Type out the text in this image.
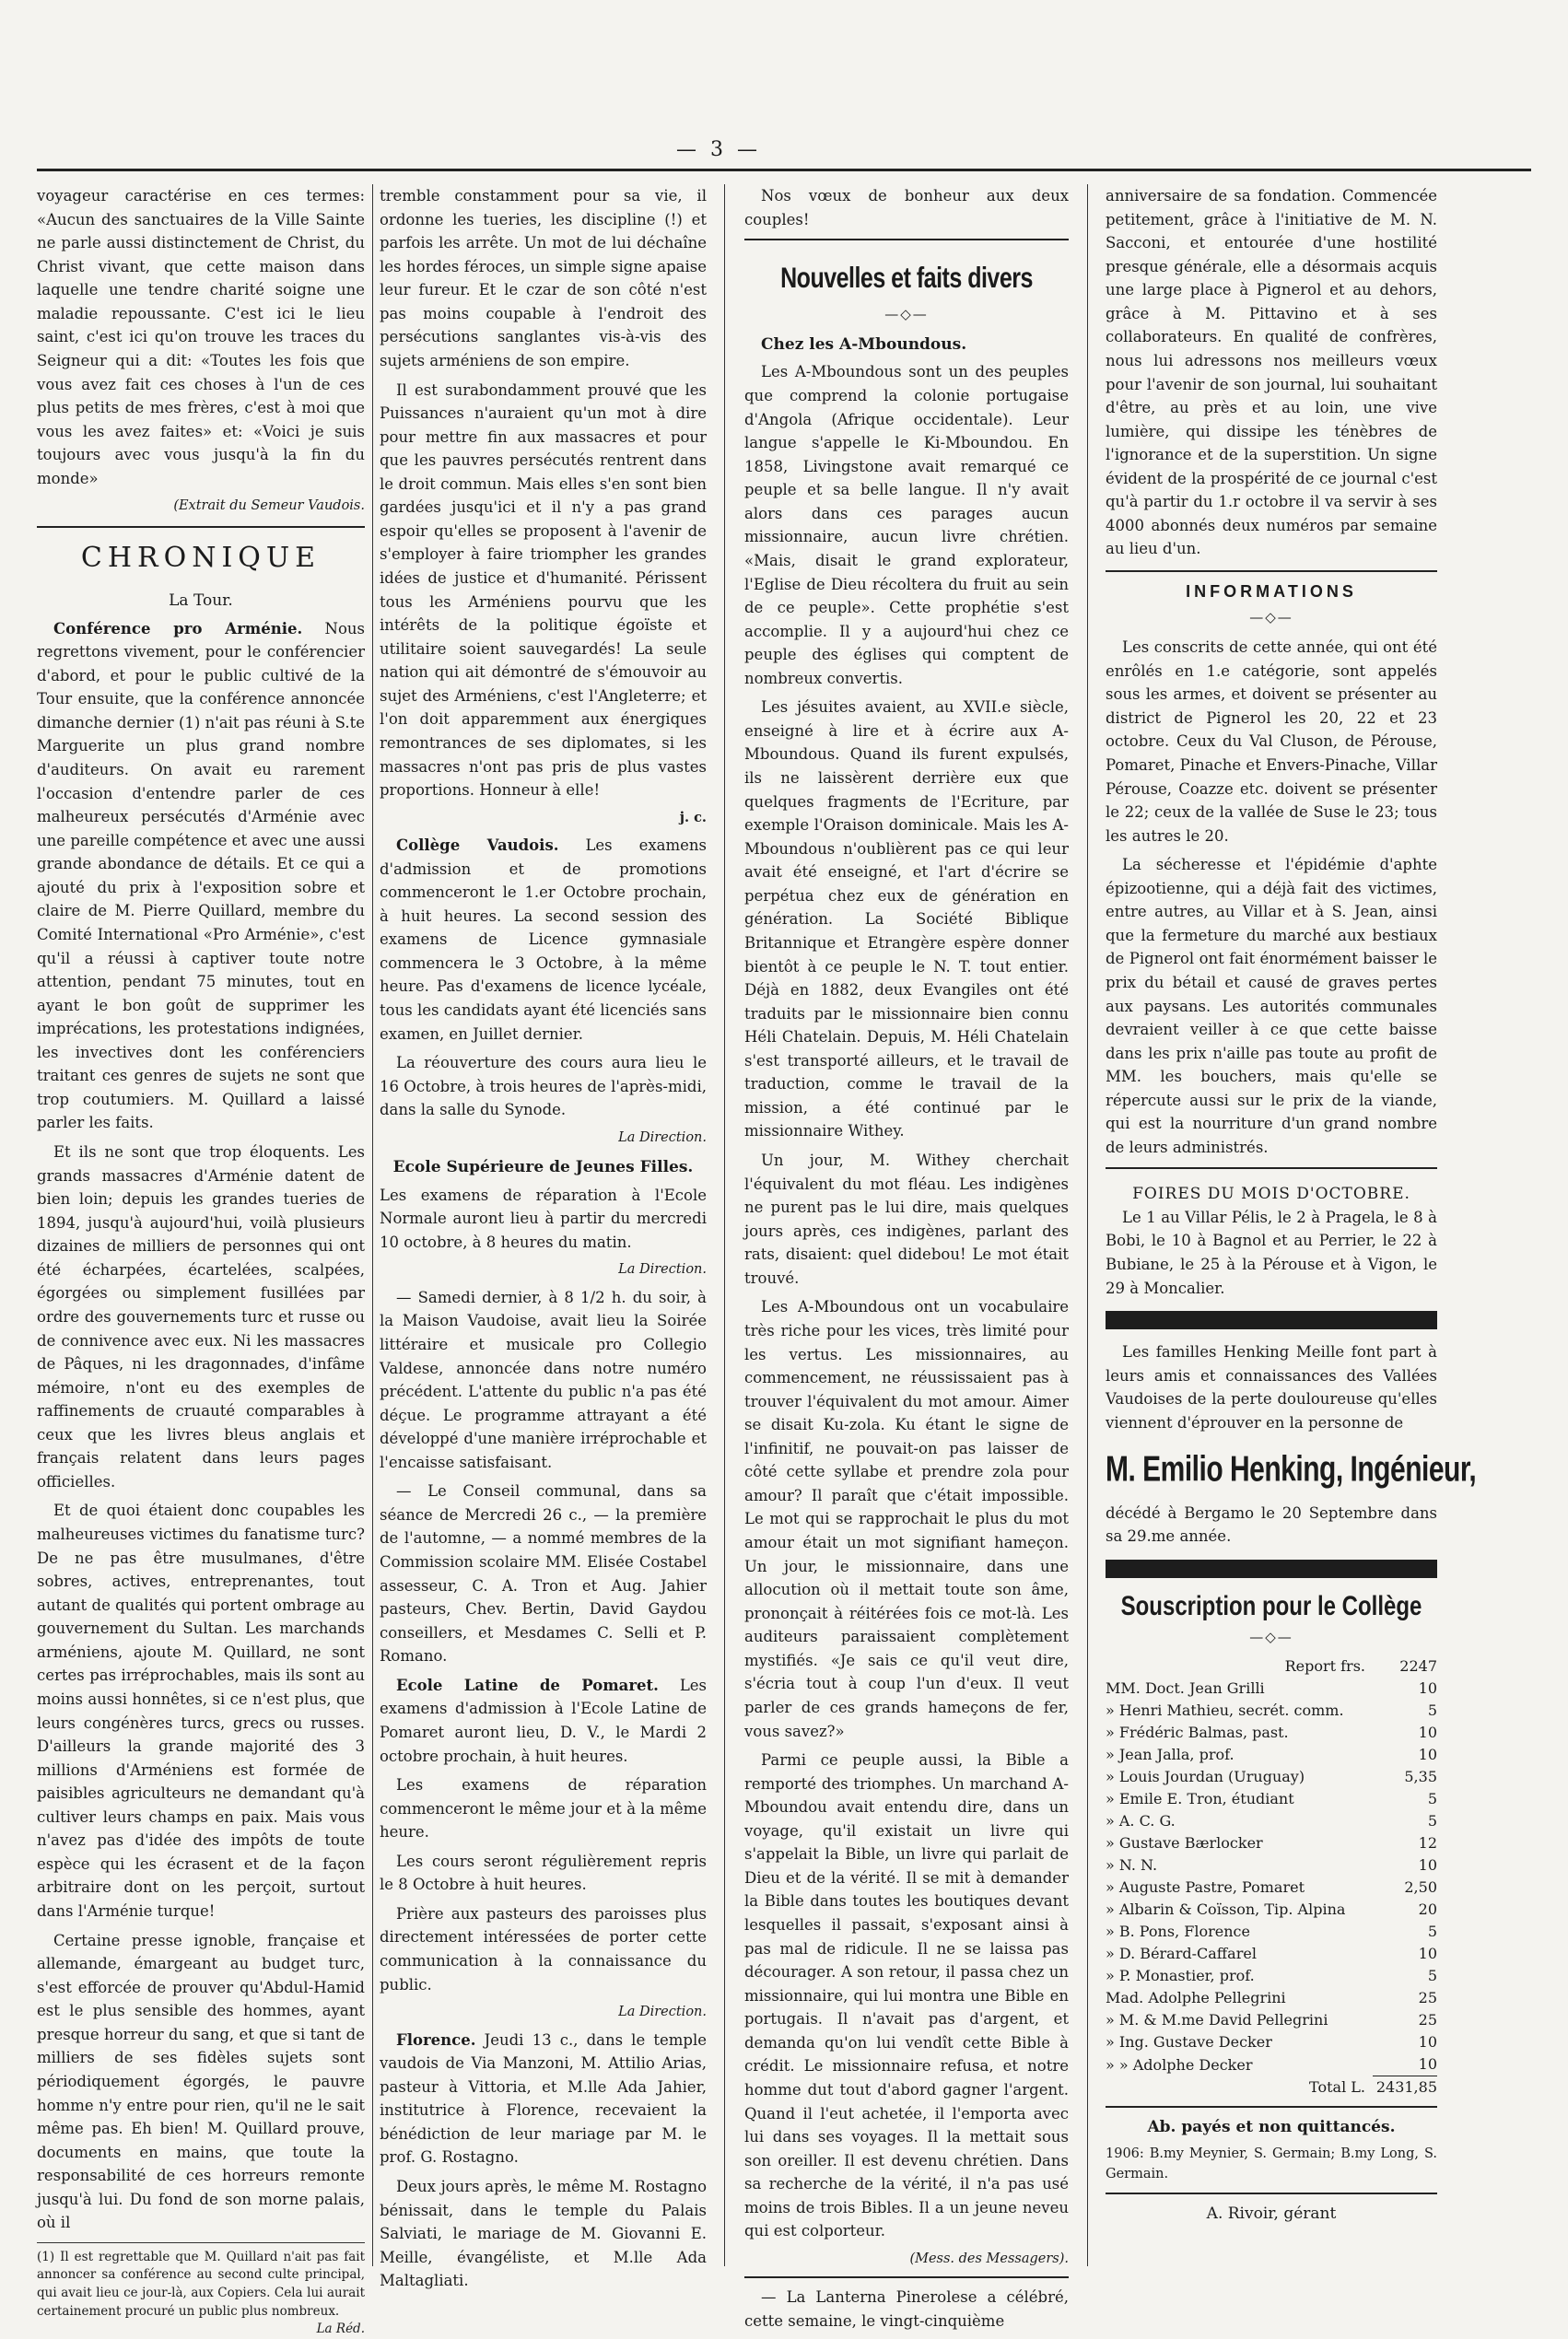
— 3 —

voyageur caractérise en ces termes: «Aucun des sanctuaires de la Ville Sainte ne parle aussi distinctement de Christ, du Christ vivant, que cette maison dans laquelle une tendre charité soigne une maladie repoussante. C'est ici le lieu saint, c'est ici qu'on trouve les traces du Seigneur qui a dit: «Toutes les fois que vous avez fait ces choses à l'un de ces plus petits de mes frères, c'est à moi que vous les avez faites» et: «Voici je suis toujours avec vous jusqu'à la fin du monde»

(Extrait du Semeur Vaudois.
CHRONIQUE
La Tour.

Conférence pro Arménie. Nous regrettons vivement, pour le conférencier d'abord, et pour le public cultivé de la Tour ensuite, que la conférence annoncée dimanche dernier (1) n'ait pas réuni à S.te Marguerite un plus grand nombre d'auditeurs. On avait eu rarement l'occasion d'entendre parler de ces malheureux persécutés d'Arménie avec une pareille compétence et avec une aussi grande abondance de détails. Et ce qui a ajouté du prix à l'exposition sobre et claire de M. Pierre Quillard, membre du Comité International «Pro Arménie», c'est qu'il a réussi à captiver toute notre attention, pendant 75 minutes, tout en ayant le bon goût de supprimer les imprécations, les protestations indignées, les invectives dont les conférenciers traitant ces genres de sujets ne sont que trop coutumiers. M. Quillard a laissé parler les faits.

Et ils ne sont que trop éloquents. Les grands massacres d'Arménie datent de bien loin; depuis les grandes tueries de 1894, jusqu'à aujourd'hui, voilà plusieurs dizaines de milliers de personnes qui ont été écharpées, écartelées, scalpées, égorgées ou simplement fusillées par ordre des gouvernements turc et russe ou de connivence avec eux. Ni les massacres de Pâques, ni les dragonnades, d'infâme mémoire, n'ont eu des exemples de raffinements de cruauté comparables à ceux que les livres bleus anglais et français relatent dans leurs pages officielles.

Et de quoi étaient donc coupables les malheureuses victimes du fanatisme turc? De ne pas être musulmanes, d'être sobres, actives, entreprenantes, tout autant de qualités qui portent ombrage au gouvernement du Sultan. Les marchands arméniens, ajoute M. Quillard, ne sont certes pas irréprochables, mais ils sont au moins aussi honnêtes, si ce n'est plus, que leurs congénères turcs, grecs ou russes. D'ailleurs la grande majorité des 3 millions d'Arméniens est formée de paisibles agriculteurs ne demandant qu'à cultiver leurs champs en paix. Mais vous n'avez pas d'idée des impôts de toute espèce qui les écrasent et de la façon arbitraire dont on les perçoit, surtout dans l'Arménie turque!

Certaine presse ignoble, française et allemande, émargeant au budget turc, s'est efforcée de prouver qu'Abdul-Hamid est le plus sensible des hommes, ayant presque horreur du sang, et que si tant de milliers de ses fidèles sujets sont périodiquement égorgés, le pauvre homme n'y entre pour rien, qu'il ne le sait même pas. Eh bien! M. Quillard prouve, documents en mains, que toute la responsabilité de ces horreurs remonte jusqu'à lui. Du fond de son morne palais, où il

(1) Il est regrettable que M. Quillard n'ait pas fait annoncer sa conférence au second culte principal, qui avait lieu ce jour-là, aux Copiers. Cela lui aurait certainement procuré un public plus nombreux.
La Réd.

tremble constamment pour sa vie, il ordonne les tueries, les discipline (!) et parfois les arrête. Un mot de lui déchaîne les hordes féroces, un simple signe apaise leur fureur. Et le czar de son côté n'est pas moins coupable à l'endroit des persécutions sanglantes vis-à-vis des sujets arméniens de son empire.

Il est surabondamment prouvé que les Puissances n'auraient qu'un mot à dire pour mettre fin aux massacres et pour que les pauvres persécutés rentrent dans le droit commun. Mais elles s'en sont bien gardées jusqu'ici et il n'y a pas grand espoir qu'elles se proposent à l'avenir de s'employer à faire triompher les grandes idées de justice et d'humanité. Périssent tous les Arméniens pourvu que les intérêts de la politique égoïste et utilitaire soient sauvegardés! La seule nation qui ait démontré de s'émouvoir au sujet des Arméniens, c'est l'Angleterre; et l'on doit apparemment aux énergiques remontrances de ses diplomates, si les massacres n'ont pas pris de plus vastes proportions. Honneur à elle!

j. c.

Collège Vaudois. Les examens d'admission et de promotions commenceront le 1.er Octobre prochain, à huit heures. La second session des examens de Licence gymnasiale commencera le 3 Octobre, à la même heure. Pas d'examens de licence lycéale, tous les candidats ayant été licenciés sans examen, en Juillet dernier.

La réouverture des cours aura lieu le 16 Octobre, à trois heures de l'après-midi, dans la salle du Synode.

La Direction.
Ecole Supérieure de Jeunes Filles.

Les examens de réparation à l'Ecole Normale auront lieu à partir du mercredi 10 octobre, à 8 heures du matin.

La Direction.

— Samedi dernier, à 8 1/2 h. du soir, à la Maison Vaudoise, avait lieu la Soirée littéraire et musicale pro Collegio Valdese, annoncée dans notre numéro précédent. L'attente du public n'a pas été déçue. Le programme attrayant a été développé d'une manière irréprochable et l'encaisse satisfaisant.

— Le Conseil communal, dans sa séance de Mercredi 26 c., — la première de l'automne, — a nommé membres de la Commission scolaire MM. Elisée Costabel assesseur, C. A. Tron et Aug. Jahier pasteurs, Chev. Bertin, David Gaydou conseillers, et Mesdames C. Selli et P. Romano.

Ecole Latine de Pomaret. Les examens d'admission à l'Ecole Latine de Pomaret auront lieu, D. V., le Mardi 2 octobre prochain, à huit heures.

Les examens de réparation commenceront le même jour et à la même heure.

Les cours seront régulièrement repris le 8 Octobre à huit heures.

Prière aux pasteurs des paroisses plus directement intéressées de porter cette communication à la connaissance du public.

La Direction.

Florence. Jeudi 13 c., dans le temple vaudois de Via Manzoni, M. Attilio Arias, pasteur à Vittoria, et M.lle Ada Jahier, institutrice à Florence, recevaient la bénédiction de leur mariage par M. le prof. G. Rostagno.

Deux jours après, le même M. Rostagno bénissait, dans le temple du Palais Salviati, le mariage de M. Giovanni E. Meille, évangéliste, et M.lle Ada Maltagliati.

Nos vœux de bonheur aux deux couples!

Nouvelles et faits divers
—◇—
Chez les A-Mboundous.

Les A-Mboundous sont un des peuples que comprend la colonie portugaise d'Angola (Afrique occidentale). Leur langue s'appelle le Ki-Mboundou. En 1858, Livingstone avait remarqué ce peuple et sa belle langue. Il n'y avait alors dans ces parages aucun missionnaire, aucun livre chrétien. «Mais, disait le grand explorateur, l'Eglise de Dieu récoltera du fruit au sein de ce peuple». Cette prophétie s'est accomplie. Il y a aujourd'hui chez ce peuple des églises qui comptent de nombreux convertis.

Les jésuites avaient, au XVII.e siècle, enseigné à lire et à écrire aux A-Mboundous. Quand ils furent expulsés, ils ne laissèrent derrière eux que quelques fragments de l'Ecriture, par exemple l'Oraison dominicale. Mais les A-Mboundous n'oublièrent pas ce qui leur avait été enseigné, et l'art d'écrire se perpétua chez eux de génération en génération. La Société Biblique Britannique et Etrangère espère donner bientôt à ce peuple le N. T. tout entier. Déjà en 1882, deux Evangiles ont été traduits par le missionnaire bien connu Héli Chatelain. Depuis, M. Héli Chatelain s'est transporté ailleurs, et le travail de traduction, comme le travail de la mission, a été continué par le missionnaire Withey.

Un jour, M. Withey cherchait l'équivalent du mot fléau. Les indigènes ne purent pas le lui dire, mais quelques jours après, ces indigènes, parlant des rats, disaient: quel didebou! Le mot était trouvé.

Les A-Mboundous ont un vocabulaire très riche pour les vices, très limité pour les vertus. Les missionnaires, au commencement, ne réussissaient pas à trouver l'équivalent du mot amour. Aimer se disait Ku-zola. Ku étant le signe de l'infinitif, ne pouvait-on pas laisser de côté cette syllabe et prendre zola pour amour? Il paraît que c'était impossible. Le mot qui se rapprochait le plus du mot amour était un mot signifiant hameçon. Un jour, le missionnaire, dans une allocution où il mettait toute son âme, prononçait à réitérées fois ce mot-là. Les auditeurs paraissaient complètement mystifiés. «Je sais ce qu'il veut dire, s'écria tout à coup l'un d'eux. Il veut parler de ces grands hameçons de fer, vous savez?»

Parmi ce peuple aussi, la Bible a remporté des triomphes. Un marchand A-Mboundou avait entendu dire, dans un voyage, qu'il existait un livre qui s'appelait la Bible, un livre qui parlait de Dieu et de la vérité. Il se mit à demander la Bible dans toutes les boutiques devant lesquelles il passait, s'exposant ainsi à pas mal de ridicule. Il ne se laissa pas décourager. A son retour, il passa chez un missionnaire, qui lui montra une Bible en portugais. Il n'avait pas d'argent, et demanda qu'on lui vendît cette Bible à crédit. Le missionnaire refusa, et notre homme dut tout d'abord gagner l'argent. Quand il l'eut achetée, il l'emporta avec lui dans ses voyages. Il la mettait sous son oreiller. Il est devenu chrétien. Dans sa recherche de la vérité, il n'a pas usé moins de trois Bibles. Il a un jeune neveu qui est colporteur.

(Mess. des Messagers).

— La Lanterna Pinerolese a célébré, cette semaine, le vingt-cinquième

anniversaire de sa fondation. Commencée petitement, grâce à l'initiative de M. N. Sacconi, et entourée d'une hostilité presque générale, elle a désormais acquis une large place à Pignerol et au dehors, grâce à M. Pittavino et à ses collaborateurs. En qualité de confrères, nous lui adressons nos meilleurs vœux pour l'avenir de son journal, lui souhaitant d'être, au près et au loin, une vive lumière, qui dissipe les ténèbres de l'ignorance et de la superstition. Un signe évident de la prospérité de ce journal c'est qu'à partir du 1.r octobre il va servir à ses 4000 abonnés deux numéros par semaine au lieu d'un.

INFORMATIONS
—◇—

Les conscrits de cette année, qui ont été enrôlés en 1.e catégorie, sont appelés sous les armes, et doivent se présenter au district de Pignerol les 20, 22 et 23 octobre. Ceux du Val Cluson, de Pérouse, Pomaret, Pinache et Envers-Pinache, Villar Pérouse, Coazze etc. doivent se présenter le 22; ceux de la vallée de Suse le 23; tous les autres le 20.

La sécheresse et l'épidémie d'aphte épizootienne, qui a déjà fait des victimes, entre autres, au Villar et à S. Jean, ainsi que la fermeture du marché aux bestiaux de Pignerol ont fait énormément baisser le prix du bétail et causé de graves pertes aux paysans. Les autorités communales devraient veiller à ce que cette baisse dans les prix n'aille pas toute au profit de MM. les bouchers, mais qu'elle se répercute aussi sur le prix de la viande, qui est la nourriture d'un grand nombre de leurs administrés.

FOIRES DU MOIS D'OCTOBRE.

Le 1 au Villar Pélis, le 2 à Pragela, le 8 à Bobi, le 10 à Bagnol et au Perrier, le 22 à Bubiane, le 25 à la Pérouse et à Vigon, le 29 à Moncalier.

Les familles Henking Meille font part à leurs amis et connaissances des Vallées Vaudoises de la perte douloureuse qu'elles viennent d'éprouver en la personne de

M. Emilio Henking, Ingénieur,

décédé à Bergamo le 20 Septembre dans sa 29.me année.

Souscription pour le Collège
—◇—
Report frs.	2247
MM. Doct. Jean Grilli	10
» Henri Mathieu, secrét. comm.	5
» Frédéric Balmas, past.	10
» Jean Jalla, prof.	10
» Louis Jourdan (Uruguay)	5,35
» Emile E. Tron, étudiant	5
» A. C. G.	5
» Gustave Bærlocker	12
» N. N.	10
» Auguste Pastre, Pomaret	2,50
» Albarin & Coïsson, Tip. Alpina	20
» B. Pons, Florence	5
» D. Bérard-Caffarel	10
» P. Monastier, prof.	5
Mad. Adolphe Pellegrini	25
» M. & M.me David Pellegrini	25
» Ing. Gustave Decker	10
» » Adolphe Decker	10
Total L.	2431,85
Ab. payés et non quittancés.

1906: B.my Meynier, S. Germain; B.my Long, S. Germain.

A. Rivoir, gérant
